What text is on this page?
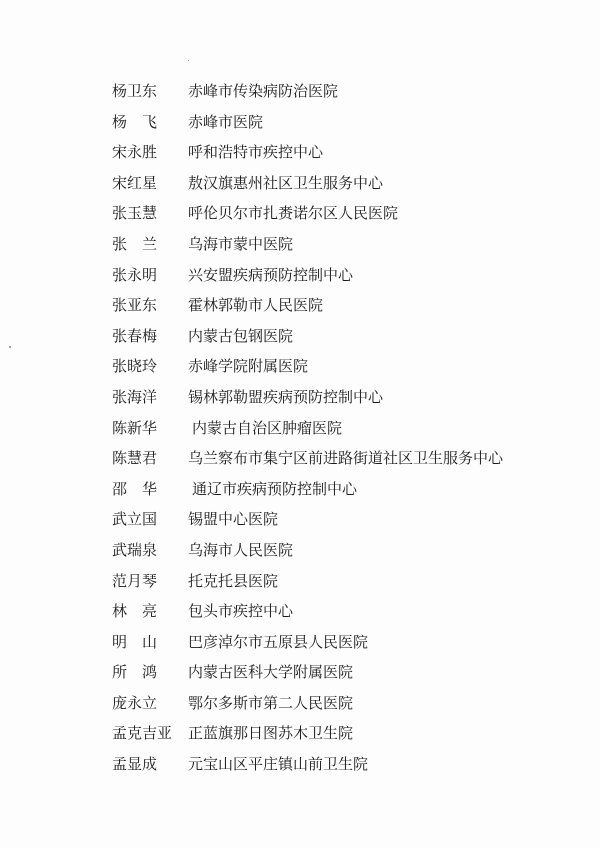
杨卫东 赤峰市传染病防治医院
杨　飞 赤峰市医院
宋永胜 呼和浩特市疾控中心
宋红星 敖汉旗惠州社区卫生服务中心
张玉慧 呼伦贝尔市扎赉诺尔区人民医院
张　兰 乌海市蒙中医院
张永明 兴安盟疾病预防控制中心
张亚东 霍林郭勒市人民医院
张春梅 内蒙古包钢医院
张晓玲 赤峰学院附属医院
张海洋 锡林郭勒盟疾病预防控制中心
陈新华 内蒙古自治区肿瘤医院
陈慧君 乌兰察布市集宁区前进路街道社区卫生服务中心
邵　华 通辽市疾病预防控制中心
武立国 锡盟中心医院
武瑞泉 乌海市人民医院
范月琴 托克托县医院
林　亮 包头市疾控中心
明　山 巴彦淖尔市五原县人民医院
所　鸿 内蒙古医科大学附属医院
庞永立 鄂尔多斯市第二人民医院
孟克吉亚 正蓝旗那日图苏木卫生院
孟显成 元宝山区平庄镇山前卫生院
